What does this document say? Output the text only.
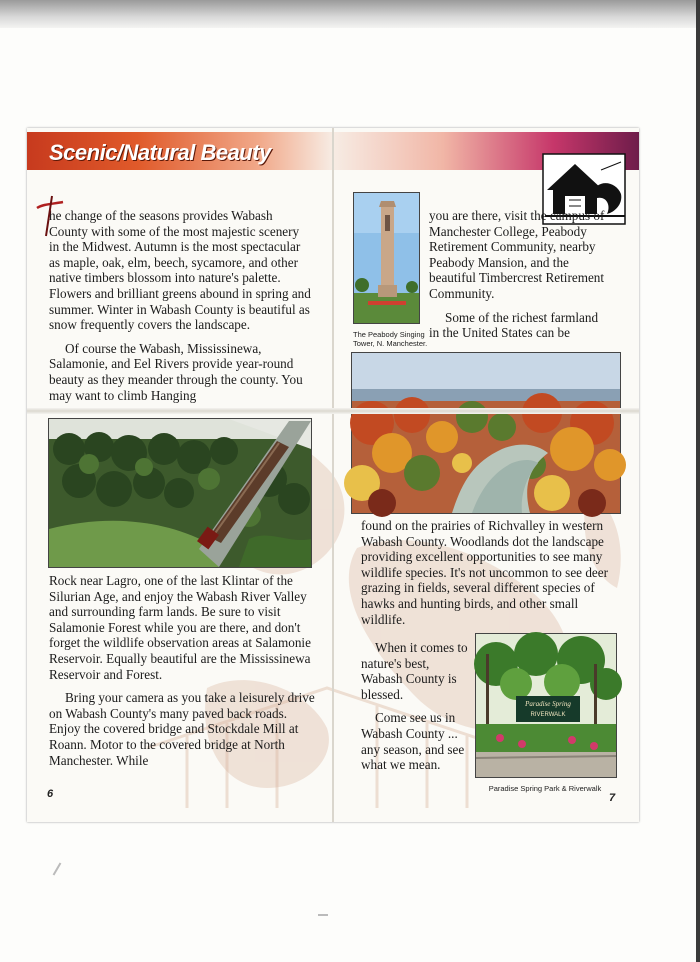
Scenic/Natural Beauty

he change of the seasons provides Wabash County with some of the most majestic scenery in the Midwest. Autumn is the most spectacular as maple, oak, elm, beech, sycamore, and other native timbers blossom into nature's palette. Flowers and brilliant greens abound in spring and summer. Winter in Wabash County is beautiful as snow frequently covers the landscape.

Of course the Wabash, Mississinewa, Salamonie, and Eel Rivers provide year-round beauty as they meander through the county. You may want to climb Hanging

Rock near Lagro, one of the last Klintar of the Silurian Age, and enjoy the Wabash River Valley and surrounding farm lands. Be sure to visit Salamonie Forest while you are there, and don't forget the wildlife observation areas at Salamonie Reservoir. Equally beautiful are the Mississinewa Reservoir and Forest.

Bring your camera as you take a leisurely drive on Wabash County's many paved back roads. Enjoy the covered bridge and Stockdale Mill at Roann. Motor to the covered bridge at North Manchester. While

6
The Peabody Singing
Tower, N. Manchester.

you are there, visit the campus of Manchester College, Peabody Retirement Community, nearby Peabody Mansion, and the beautiful Timbercrest Retirement Community.

Some of the richest farmland in the United States can be

found on the prairies of Richvalley in western Wabash County. Woodlands dot the landscape providing excellent opportunities to see many wildlife species. It's not uncommon to see deer grazing in fields, several different species of hawks and hunting birds, and other small wildlife.

When it comes to nature's best, Wabash County is blessed.

Come see us in Wabash County ... any season, and see what we mean.

Paradise Spring
RIVERWALK
Paradise Spring Park & Riverwalk
7
